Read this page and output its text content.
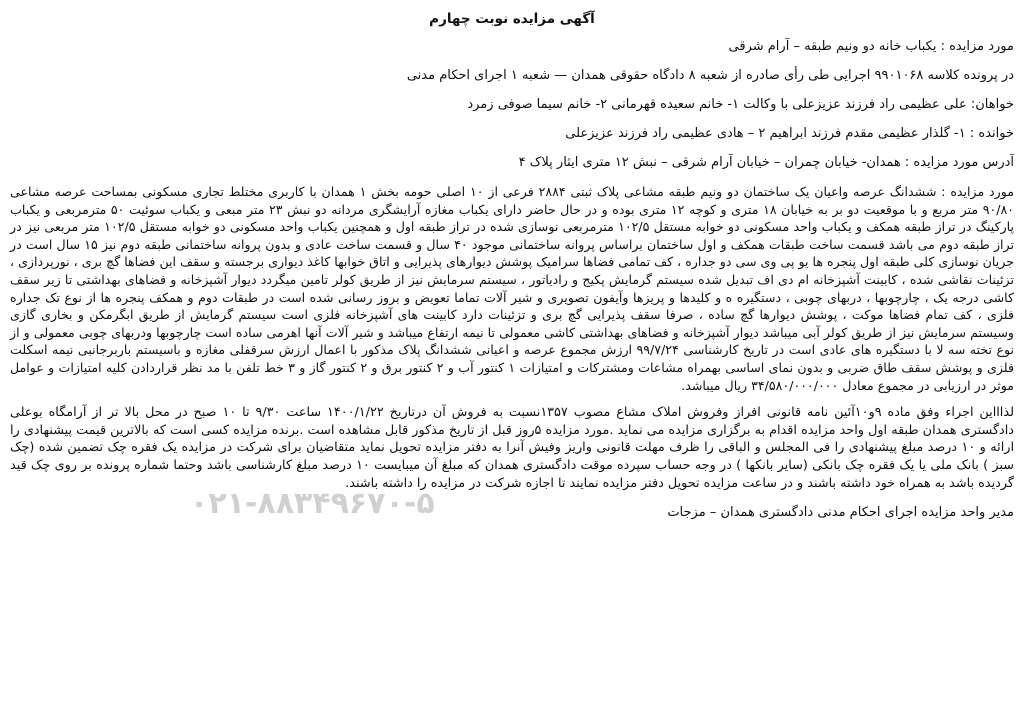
آگهی مزایده نوبت چهارم
مورد مزایده : یکباب خانه دو ونیم طبقه – آرام شرقی
در پرونده کلاسه ۹۹۰۱۰۶۸ اجرایی طی رأی صادره از شعبه ۸ دادگاه حقوقی همدان — شعبه ۱ اجرای احکام مدنی
خواهان: علی عظیمی راد فرزند عزیزعلی با وکالت ۱- خانم سعیده قهرمانی ۲- خانم سیما صوفی زمرد
خوانده : ۱- گلذار عظیمی مقدم فرزند ابراهیم ۲ – هادی عظیمی راد فرزند عزیزعلی
آدرس مورد مزایده : همدان- خیابان چمران – خیابان آرام شرقی – نبش ۱۲ متری ایثار پلاک ۴
مورد مزایده : ششدانگ عرصه واعیان یک ساختمان دو ونیم طبقه مشاعی پلاک ثبتی ۲۸۸۴ فرعی از ۱۰ اصلی حومه بخش ۱ همدان با کاربری مختلط تجاری مسکونی بمساحت عرصه مشاعی ۹۰/۸۰ متر مربع و با موقعیت دو بر به خیابان ۱۸ متری و کوچه ۱۲ متری بوده و در حال حاضر دارای یکباب مغازه آرایشگری مردانه دو نبش ۲۳ متر مبعی و یکباب سوئیت ۵۰ مترمربعی و یکباب پارکینگ در تراز طبقه همکف و یکباب واحد مسکونی دو خوابه مستقل ۱۰۲/۵ مترمربعی نوسازی شده در تراز طبقه اول و همچنین یکباب واحد مسکونی دو خوابه مستقل ۱۰۲/۵ متر مربعی نیز در تراز طبقه دوم می باشد قسمت ساخت طبقات همکف و اول ساختمان براساس پروانه ساختمانی موجود ۴۰ سال و قسمت ساخت عادی و بدون پروانه ساختمانی طبقه دوم نیز ۱۵ سال است در جریان نوسازی کلی طبقه اول پنجره ها یو پی وی سی دو جداره ، کف تمامی فضاها سرامیک پوشش دیوارهای پذیرایی و اتاق خوابها کاغذ دیواری برجسته و سقف این فضاها گچ بری ، نورپردازی ، تزئینات نقاشی شده ، کابینت آشپزخانه ام دی اف تبدیل شده سیستم گرمایش پکیج و رادیاتور ، سیستم سرمایش نیز از طریق کولر تامین میگردد دیوار آشپزخانه و فضاهای بهداشتی تا زیر سقف کاشی درجه یک ، چارچوبها ، دربهای چوبی ، دستگیره ه و کلیدها و پریزها وآیفون تصویری و شیر آلات تماما تعویض و بروز رسانی شده است در طبقات دوم و همکف پنجره ها از نوع تک جداره فلزی ، کف تمام فضاها موکت ، پوشش دیوارها گچ ساده ، صرفا سقف پذیرایی گچ بری و تزئینات دارد کابینت های آشپزخانه فلزی است سیستم گرمایش از طریق ابگرمکن و بخاری گازی وسیستم سرمایش نیز از طریق کولر آبی میباشد دیوار آشپزخانه و فضاهای بهداشتی کاشی معمولی تا نیمه ارتفاع میباشد و شیر آلات آنها اهرمی ساده است چارچوبها ودربهای چوبی معمولی و از نوع تخته سه لا با دستگیره های عادی است در تاریخ کارشناسی ۹۹/۷/۲۴ ارزش مجموع عرصه و اعیانی ششدانگ پلاک مذکور با اعمال ارزش سرقفلی مغازه و باسیستم باربرجانبی نیمه اسکلت فلزی و پوشش سقف طاق ضربی و بدون نمای اساسی بهمراه مشاعات ومشترکات و امتیازات ۱ کنتور آب و ۲ کنتور برق و ۲ کنتور گاز و ۳ خط تلفن با مد نظر قراردادن کلیه امتیازات و عوامل موثر در ارزیابی در مجموع معادل ۳۴/۵۸۰/۰۰۰/۰۰۰ ریال میباشد.
لذاااین اجراء وفق ماده ۹و۱۰آئین نامه قانونی افراز وفروش املاک مشاع مصوب ۱۳۵۷نسبت به فروش آن درتاریخ ۱۴۰۰/۱/۲۲ ساعت ۹/۳۰ تا ۱۰ صبح در محل بالا تر از آرامگاه بوعلی دادگستری همدان طبقه اول واحد مزایده اقدام به برگزاری مزایده می نماید .مورد مزایده ۵روز قبل از تاریخ مذکور قابل مشاهده است .برنده مزایده کسی است که بالاترین قیمت پیشنهادی را ارائه و ۱۰ درصد مبلغ پیشنهادی را فی المجلس و الباقی را ظرف مهلت قانونی واریز وفیش آنرا به دفتر مزایده تحویل نماید متقاضیان برای شرکت در مزایده یک فقره چک تضمین شده (چک سبز ) بانک ملی یا یک فقره چک بانکی (سایر بانکها ) در وجه حساب سپرده موقت دادگستری همدان که مبلغ آن میبایست ۱۰ درصد مبلغ کارشناسی باشد وحتما شماره پرونده بر روی چک قید گردیده باشد به همراه خود داشته باشند و در ساعت مزایده تحویل دفتر مزایده نمایند تا اجازه شرکت در مزایده را داشته باشند.
مدیر واحد مزایده اجرای احکام مدنی دادگستری همدان – مزجات
۰۲۱-۸۸۳۴۹۶۷۰-۵
